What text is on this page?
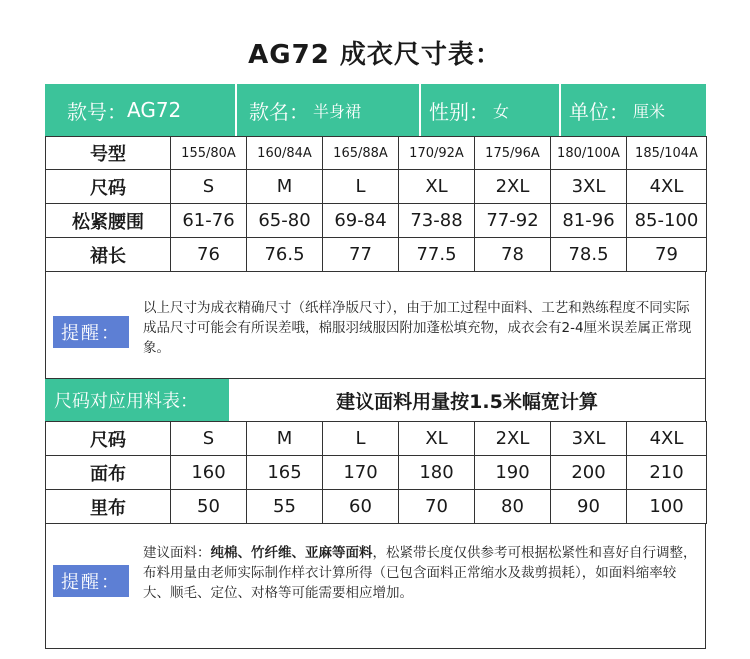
AG72 成衣尺寸表：
款号： AG72	款名： 半身裙	性别： 女	单位： 厘米
号型	155/80A	160/84A	165/88A	170/92A	175/96A	180/100A	185/104A
尺码	S	M	L	XL	2XL	3XL	4XL
松紧腰围	61-76	65-80	69-84	73-88	77-92	81-96	85-100
裙长	76	76.5	77	77.5	78	78.5	79
提醒：
以上尺寸为成衣精确尺寸（纸样净版尺寸），由于加工过程中面料、工艺和熟练程度不同实际成品尺寸可能会有所误差哦，棉服羽绒服因附加蓬松填充物，成衣会有2-4厘米误差属正常现象。
尺码对应用料表：	建议面料用量按1.5米幅宽计算
尺码	S	M	L	XL	2XL	3XL	4XL
面布	160	165	170	180	190	200	210
里布	50	55	60	70	80	90	100
提醒：
建议面料：纯棉、竹纤维、亚麻等面料，松紧带长度仅供参考可根据松紧性和喜好自行调整，布料用量由老师实际制作样衣计算所得（已包含面料正常缩水及裁剪损耗），如面料缩率较大、顺毛、定位、对格等可能需要相应增加。
